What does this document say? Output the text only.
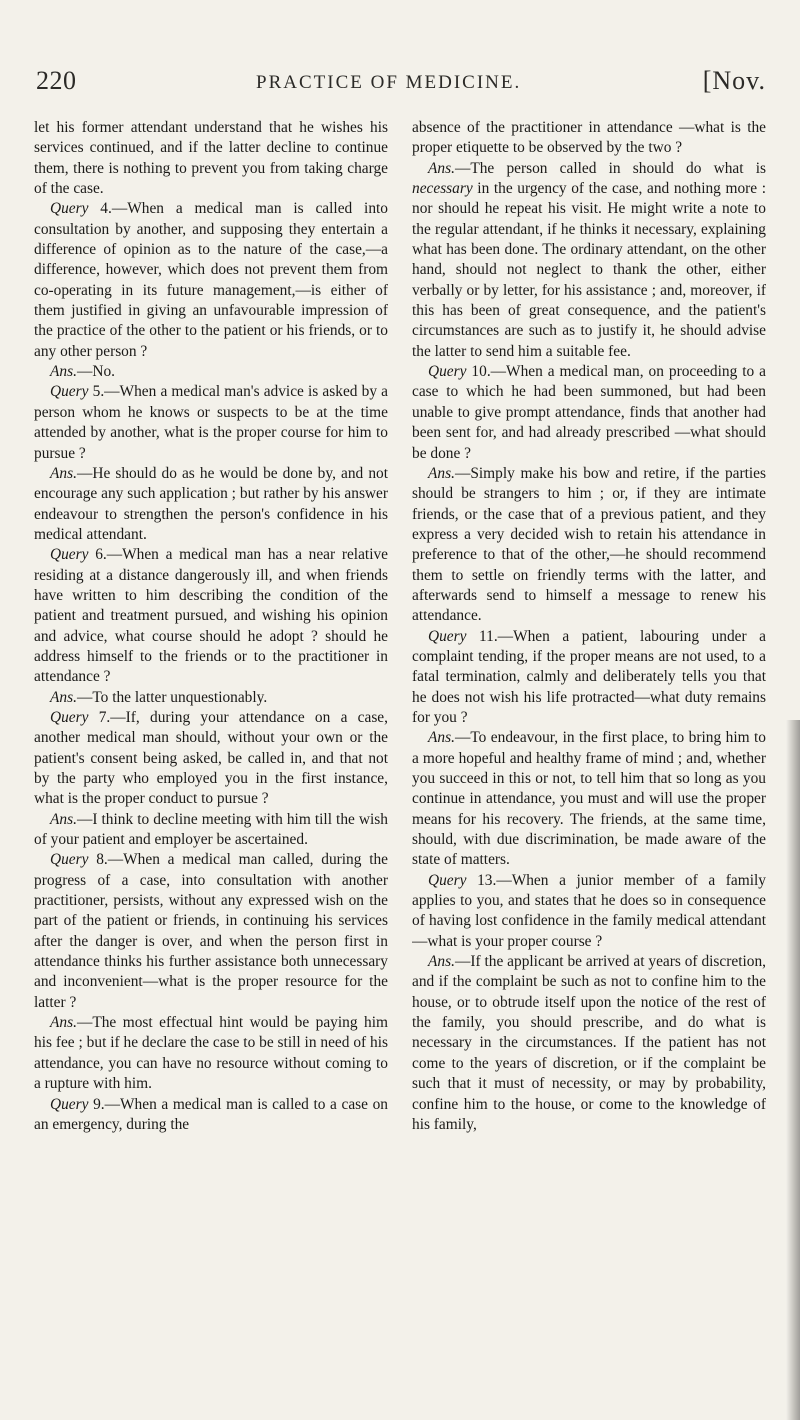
220	PRACTICE OF MEDICINE.	[Nov.

let his former attendant understand that he wishes his services continued, and if the latter decline to continue them, there is nothing to prevent you from taking charge of the case.

Query 4.—When a medical man is called into consultation by another, and supposing they entertain a difference of opinion as to the nature of the case,—a difference, however, which does not prevent them from co-operating in its future management,—is either of them justified in giving an unfavourable impression of the practice of the other to the patient or his friends, or to any other person ?

Ans.—No.

Query 5.—When a medical man's advice is asked by a person whom he knows or suspects to be at the time attended by another, what is the proper course for him to pursue ?

Ans.—He should do as he would be done by, and not encourage any such application ; but rather by his answer endeavour to strengthen the person's confidence in his medical attendant.

Query 6.—When a medical man has a near relative residing at a distance dangerously ill, and when friends have written to him describing the condition of the patient and treatment pursued, and wishing his opinion and advice, what course should he adopt ? should he address himself to the friends or to the practitioner in attendance ?

Ans.—To the latter unquestionably.

Query 7.—If, during your attendance on a case, another medical man should, without your own or the patient's consent being asked, be called in, and that not by the party who employed you in the first instance, what is the proper conduct to pursue ?

Ans.—I think to decline meeting with him till the wish of your patient and employer be ascertained.

Query 8.—When a medical man called, during the progress of a case, into consultation with another practitioner, persists, without any expressed wish on the part of the patient or friends, in continuing his services after the danger is over, and when the person first in attendance thinks his further assistance both unnecessary and inconvenient—what is the proper resource for the latter ?

Ans.—The most effectual hint would be paying him his fee ; but if he declare the case to be still in need of his attendance, you can have no resource without coming to a rupture with him.

Query 9.—When a medical man is called to a case on an emergency, during the

absence of the practitioner in attendance —what is the proper etiquette to be observed by the two ?

Ans.—The person called in should do what is necessary in the urgency of the case, and nothing more : nor should he repeat his visit. He might write a note to the regular attendant, if he thinks it necessary, explaining what has been done. The ordinary attendant, on the other hand, should not neglect to thank the other, either verbally or by letter, for his assistance ; and, moreover, if this has been of great consequence, and the patient's circumstances are such as to justify it, he should advise the latter to send him a suitable fee.

Query 10.—When a medical man, on proceeding to a case to which he had been summoned, but had been unable to give prompt attendance, finds that another had been sent for, and had already prescribed —what should be done ?

Ans.—Simply make his bow and retire, if the parties should be strangers to him ; or, if they are intimate friends, or the case that of a previous patient, and they express a very decided wish to retain his attendance in preference to that of the other,—he should recommend them to settle on friendly terms with the latter, and afterwards send to himself a message to renew his attendance.

Query 11.—When a patient, labouring under a complaint tending, if the proper means are not used, to a fatal termination, calmly and deliberately tells you that he does not wish his life protracted—what duty remains for you ?

Ans.—To endeavour, in the first place, to bring him to a more hopeful and healthy frame of mind ; and, whether you succeed in this or not, to tell him that so long as you continue in attendance, you must and will use the proper means for his recovery. The friends, at the same time, should, with due discrimination, be made aware of the state of matters.

Query 13.—When a junior member of a family applies to you, and states that he does so in consequence of having lost confidence in the family medical attendant—what is your proper course ?

Ans.—If the applicant be arrived at years of discretion, and if the complaint be such as not to confine him to the house, or to obtrude itself upon the notice of the rest of the family, you should prescribe, and do what is necessary in the circumstances. If the patient has not come to the years of discretion, or if the complaint be such that it must of necessity, or may by probability, confine him to the house, or come to the knowledge of his family,
